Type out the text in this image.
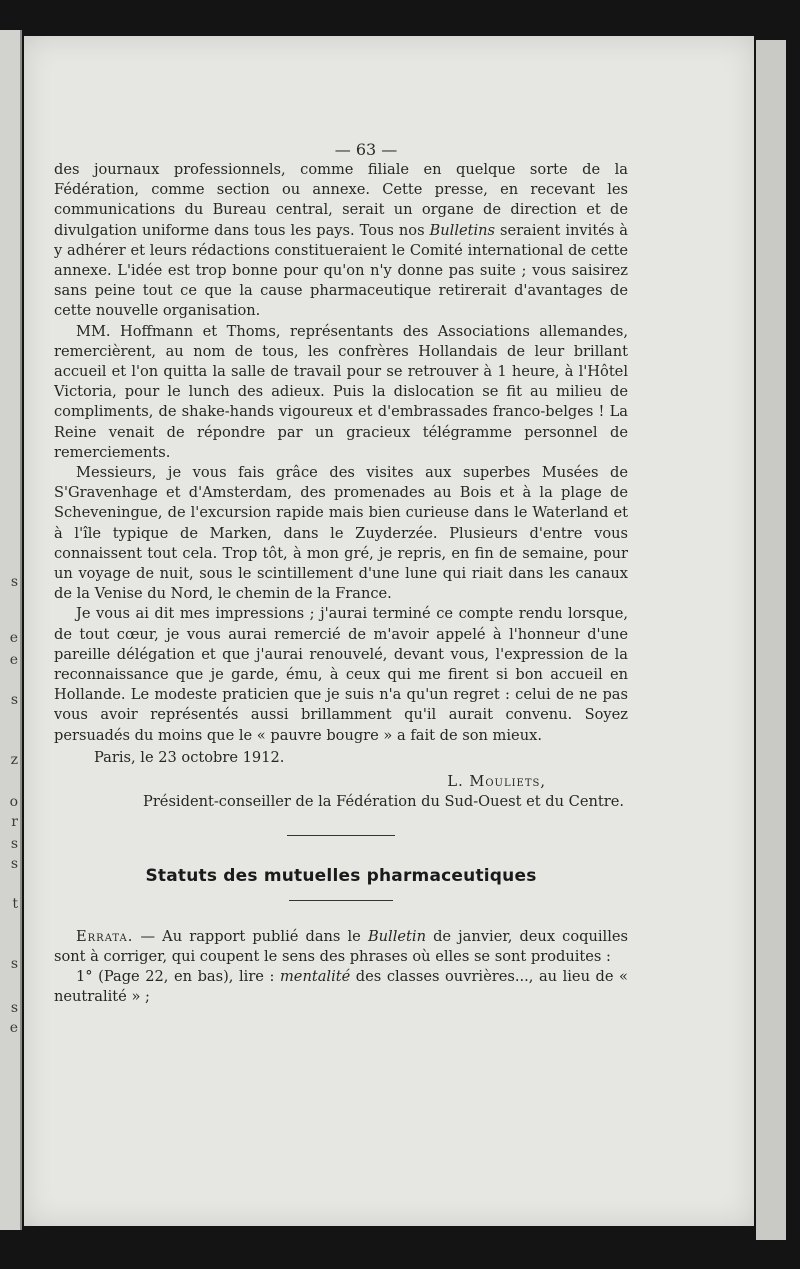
s
e
e
s
z
o
r
s
s
t
s
s
e
— 63 —

des journaux professionnels, comme filiale en quelque sorte de la Fédération, comme section ou annexe. Cette presse, en recevant les communications du Bureau central, serait un organe de direction et de divulgation uniforme dans tous les pays. Tous nos Bulletins seraient invités à y adhérer et leurs rédactions constitueraient le Comité international de cette annexe. L'idée est trop bonne pour qu'on n'y donne pas suite ; vous saisirez sans peine tout ce que la cause pharmaceutique retirerait d'avantages de cette nouvelle organisation.

MM. Hoffmann et Thoms, représentants des Associations allemandes, remercièrent, au nom de tous, les confrères Hollandais de leur brillant accueil et l'on quitta la salle de travail pour se retrouver à 1 heure, à l'Hôtel Victoria, pour le lunch des adieux. Puis la dislocation se fit au milieu de compliments, de shake-hands vigoureux et d'embrassades franco-belges ! La Reine venait de répondre par un gracieux télégramme personnel de remerciements.

Messieurs, je vous fais grâce des visites aux superbes Musées de S'Gravenhage et d'Amsterdam, des promenades au Bois et à la plage de Scheveningue, de l'excursion rapide mais bien curieuse dans le Waterland et à l'île typique de Marken, dans le Zuyderzée. Plusieurs d'entre vous connaissent tout cela. Trop tôt, à mon gré, je repris, en fin de semaine, pour un voyage de nuit, sous le scintillement d'une lune qui riait dans les canaux de la Venise du Nord, le chemin de la France.

Je vous ai dit mes impressions ; j'aurai terminé ce compte rendu lorsque, de tout cœur, je vous aurai remercié de m'avoir appelé à l'honneur d'une pareille délégation et que j'aurai renouvelé, devant vous, l'expression de la reconnaissance que je garde, ému, à ceux qui me firent si bon accueil en Hollande. Le modeste praticien que je suis n'a qu'un regret : celui de ne pas vous avoir représentés aussi brillamment qu'il aurait convenu. Soyez persuadés du moins que le « pauvre bougre » a fait de son mieux.

Paris, le 23 octobre 1912.

L. Mouliets,

Président-conseiller de la Fédération du Sud-Ouest et du Centre.

Statuts des mutuelles pharmaceutiques

Errata. — Au rapport publié dans le Bulletin de janvier, deux coquilles sont à corriger, qui coupent le sens des phrases où elles se sont produites :

1° (Page 22, en bas), lire : mentalité des classes ouvrières..., au lieu de « neutralité » ;
